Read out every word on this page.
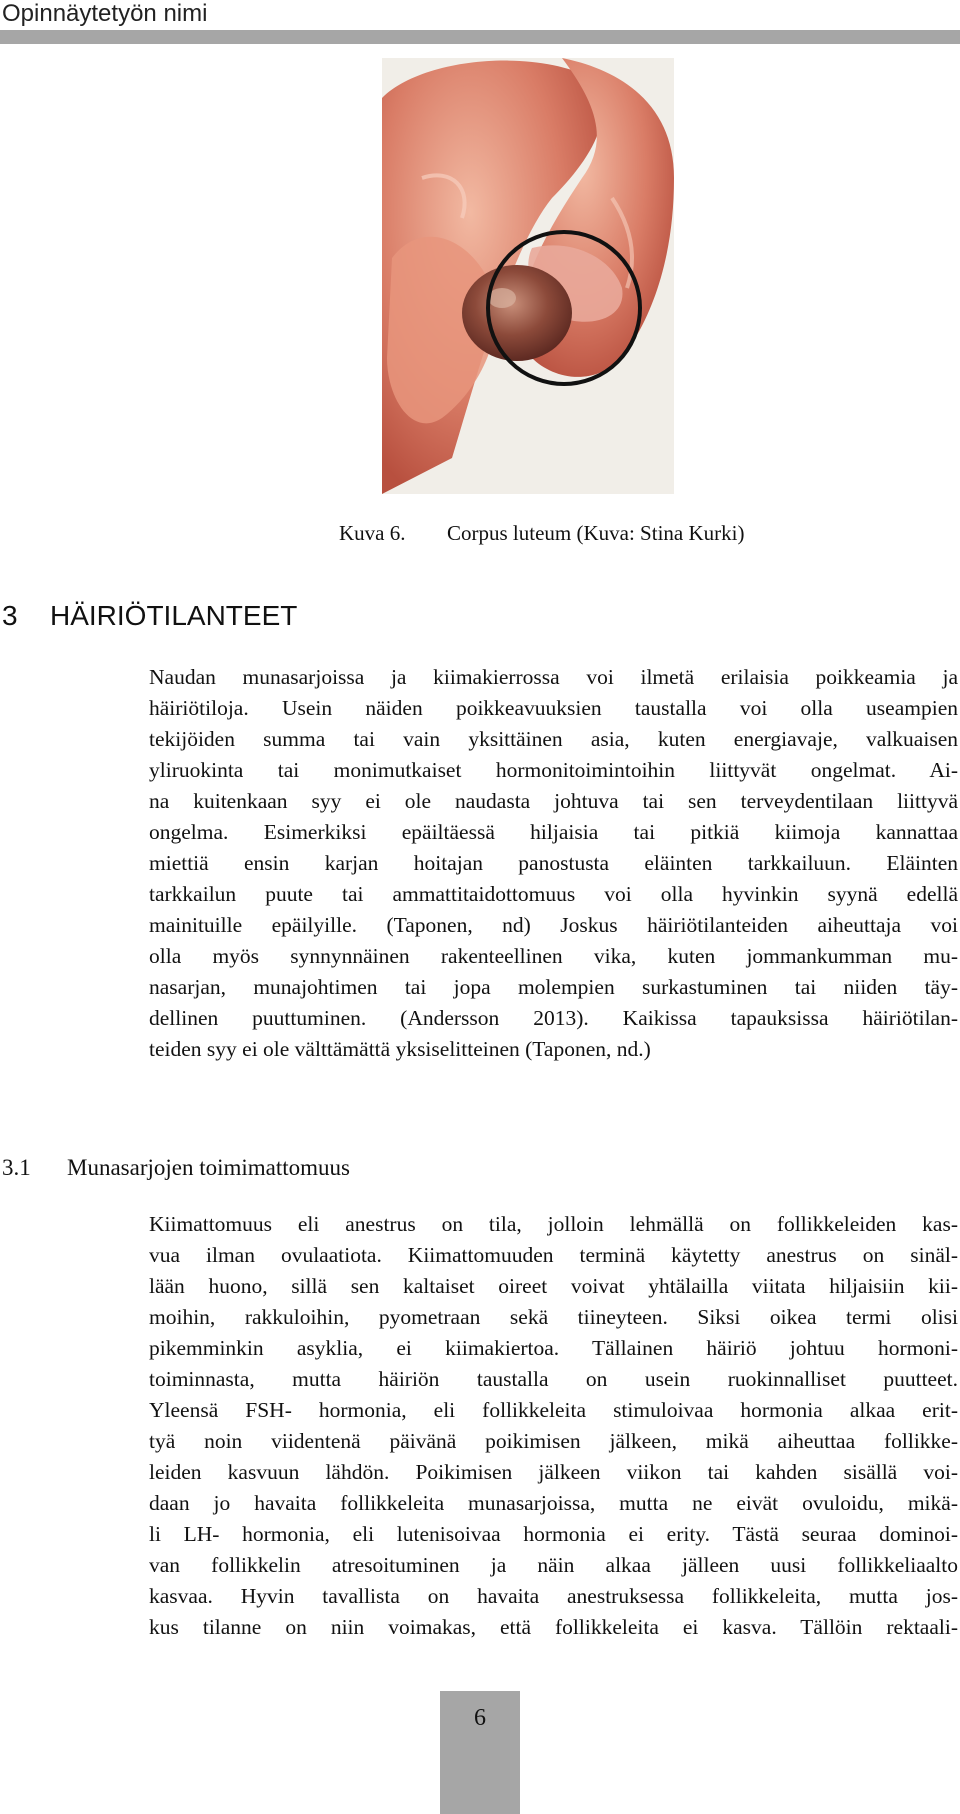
Opinnäytetyön nimi
Kuva 6. Corpus luteum (Kuva: Stina Kurki)
3 HÄIRIÖTILANTEET
Naudan munasarjoissa ja kiimakierrossa voi ilmetä erilaisia poikkeamia ja
häiriötiloja. Usein näiden poikkeavuuksien taustalla voi olla useampien
tekijöiden summa tai vain yksittäinen asia, kuten energiavaje, valkuaisen
yliruokinta tai monimutkaiset hormonitoimintoihin liittyvät ongelmat. Ai-
na kuitenkaan syy ei ole naudasta johtuva tai sen terveydentilaan liittyvä
ongelma. Esimerkiksi epäiltäessä hiljaisia tai pitkiä kiimoja kannattaa
miettiä ensin karjan hoitajan panostusta eläinten tarkkailuun. Eläinten
tarkkailun puute tai ammattitaidottomuus voi olla hyvinkin syynä edellä
mainituille epäilyille. (Taponen, nd) Joskus häiriötilanteiden aiheuttaja voi
olla myös synnynnäinen rakenteellinen vika, kuten jommankumman mu-
nasarjan, munajohtimen tai jopa molempien surkastuminen tai niiden täy-
dellinen puuttuminen. (Andersson 2013). Kaikissa tapauksissa häiriötilan-
teiden syy ei ole välttämättä yksiselitteinen (Taponen, nd.)
3.1 Munasarjojen toimimattomuus
Kiimattomuus eli anestrus on tila, jolloin lehmällä on follikkeleiden kas-
vua ilman ovulaatiota. Kiimattomuuden terminä käytetty anestrus on sinäl-
lään huono, sillä sen kaltaiset oireet voivat yhtälailla viitata hiljaisiin kii-
moihin, rakkuloihin, pyometraan sekä tiineyteen. Siksi oikea termi olisi
pikemminkin asyklia, ei kiimakiertoa. Tällainen häiriö johtuu hormoni-
toiminnasta, mutta häiriön taustalla on usein ruokinnalliset puutteet.
Yleensä FSH- hormonia, eli follikkeleita stimuloivaa hormonia alkaa erit-
tyä noin viidentenä päivänä poikimisen jälkeen, mikä aiheuttaa follikke-
leiden kasvuun lähdön. Poikimisen jälkeen viikon tai kahden sisällä voi-
daan jo havaita follikkeleita munasarjoissa, mutta ne eivät ovuloidu, mikä-
li LH- hormonia, eli lutenisoivaa hormonia ei erity. Tästä seuraa dominoi-
van follikkelin atresoituminen ja näin alkaa jälleen uusi follikkeliaalto
kasvaa. Hyvin tavallista on havaita anestruksessa follikkeleita, mutta jos-
kus tilanne on niin voimakas, että follikkeleita ei kasva. Tällöin rektaali-
6
